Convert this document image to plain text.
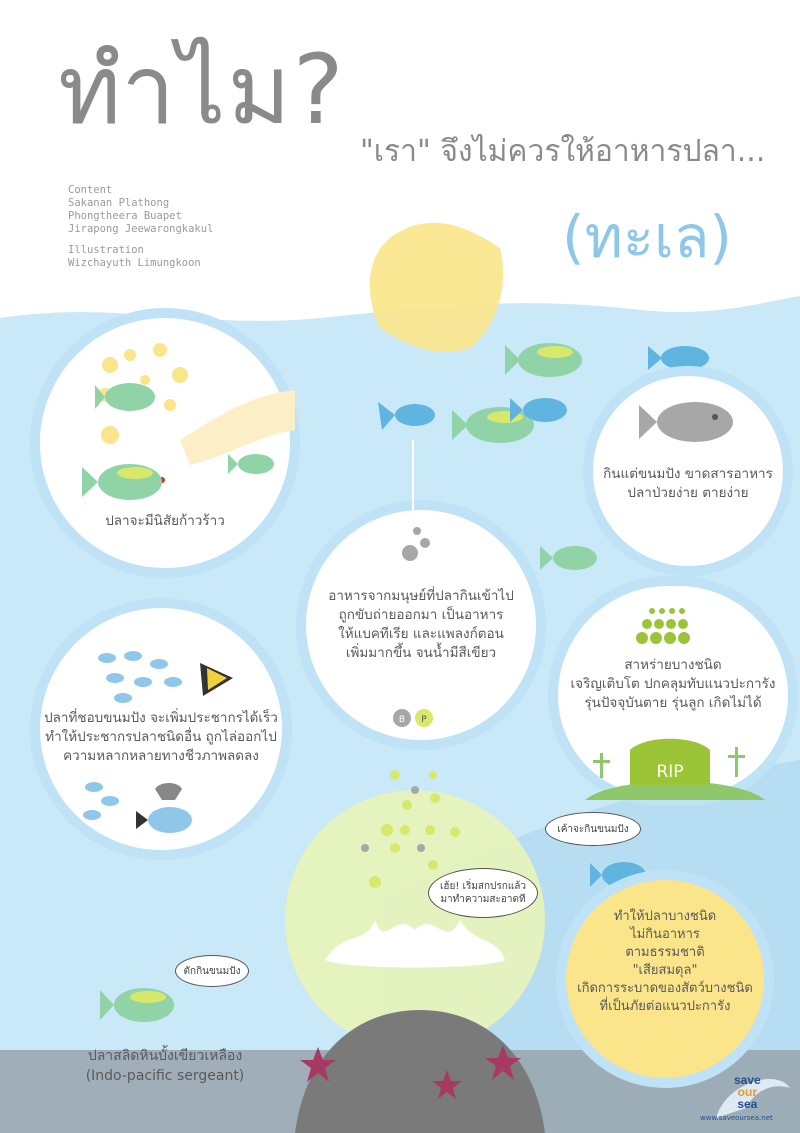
ทำไม?
"เรา" จึงไม่ควรให้อาหารปลา...
(ทะเล)
Content
Sakanan Plathong
Phongtheera Buapet
Jirapong Jeewarongkakul
Illustration
Wizchayuth Limungkoon
ปลาจะมีนิสัยก้าวร้าว
กินแต่ขนมปัง ขาดสารอาหาร
ปลาป่วยง่าย ตายง่าย
อาหารจากมนุษย์ที่ปลากินเข้าไป
ถูกขับถ่ายออกมา เป็นอาหาร
ให้แบคทีเรีย และแพลงก์ตอน
เพิ่มมากขึ้น จนน้ำมีสีเขียว
B P
สาหร่ายบางชนิด
เจริญเติบโต ปกคลุมทับแนวปะการัง
รุ่นปัจจุบันตาย รุ่นลูก เกิดไม่ได้
RIP
ปลาที่ชอบขนมปัง จะเพิ่มประชากรได้เร็ว
ทำให้ประชากรปลาชนิดอื่น ถูกไล่ออกไป
ความหลากหลายทางชีวภาพลดลง
เฮ้ย! เริ่มสกปรกแล้ว
มาทำความสะอาดที
เค้าจะกินขนมปัง
ตักกินขนมปัง
ทำให้ปลาบางชนิด
ไม่กินอาหาร
ตามธรรมชาติ
"เสียสมดุล"
เกิดการระบาดของสัตว์บางชนิด
ที่เป็นภัยต่อแนวปะการัง
ปลาสลิดหินบั้งเขียวเหลือง
(Indo-pacific sergeant)	save
our
sea
www.saveoursea.net
